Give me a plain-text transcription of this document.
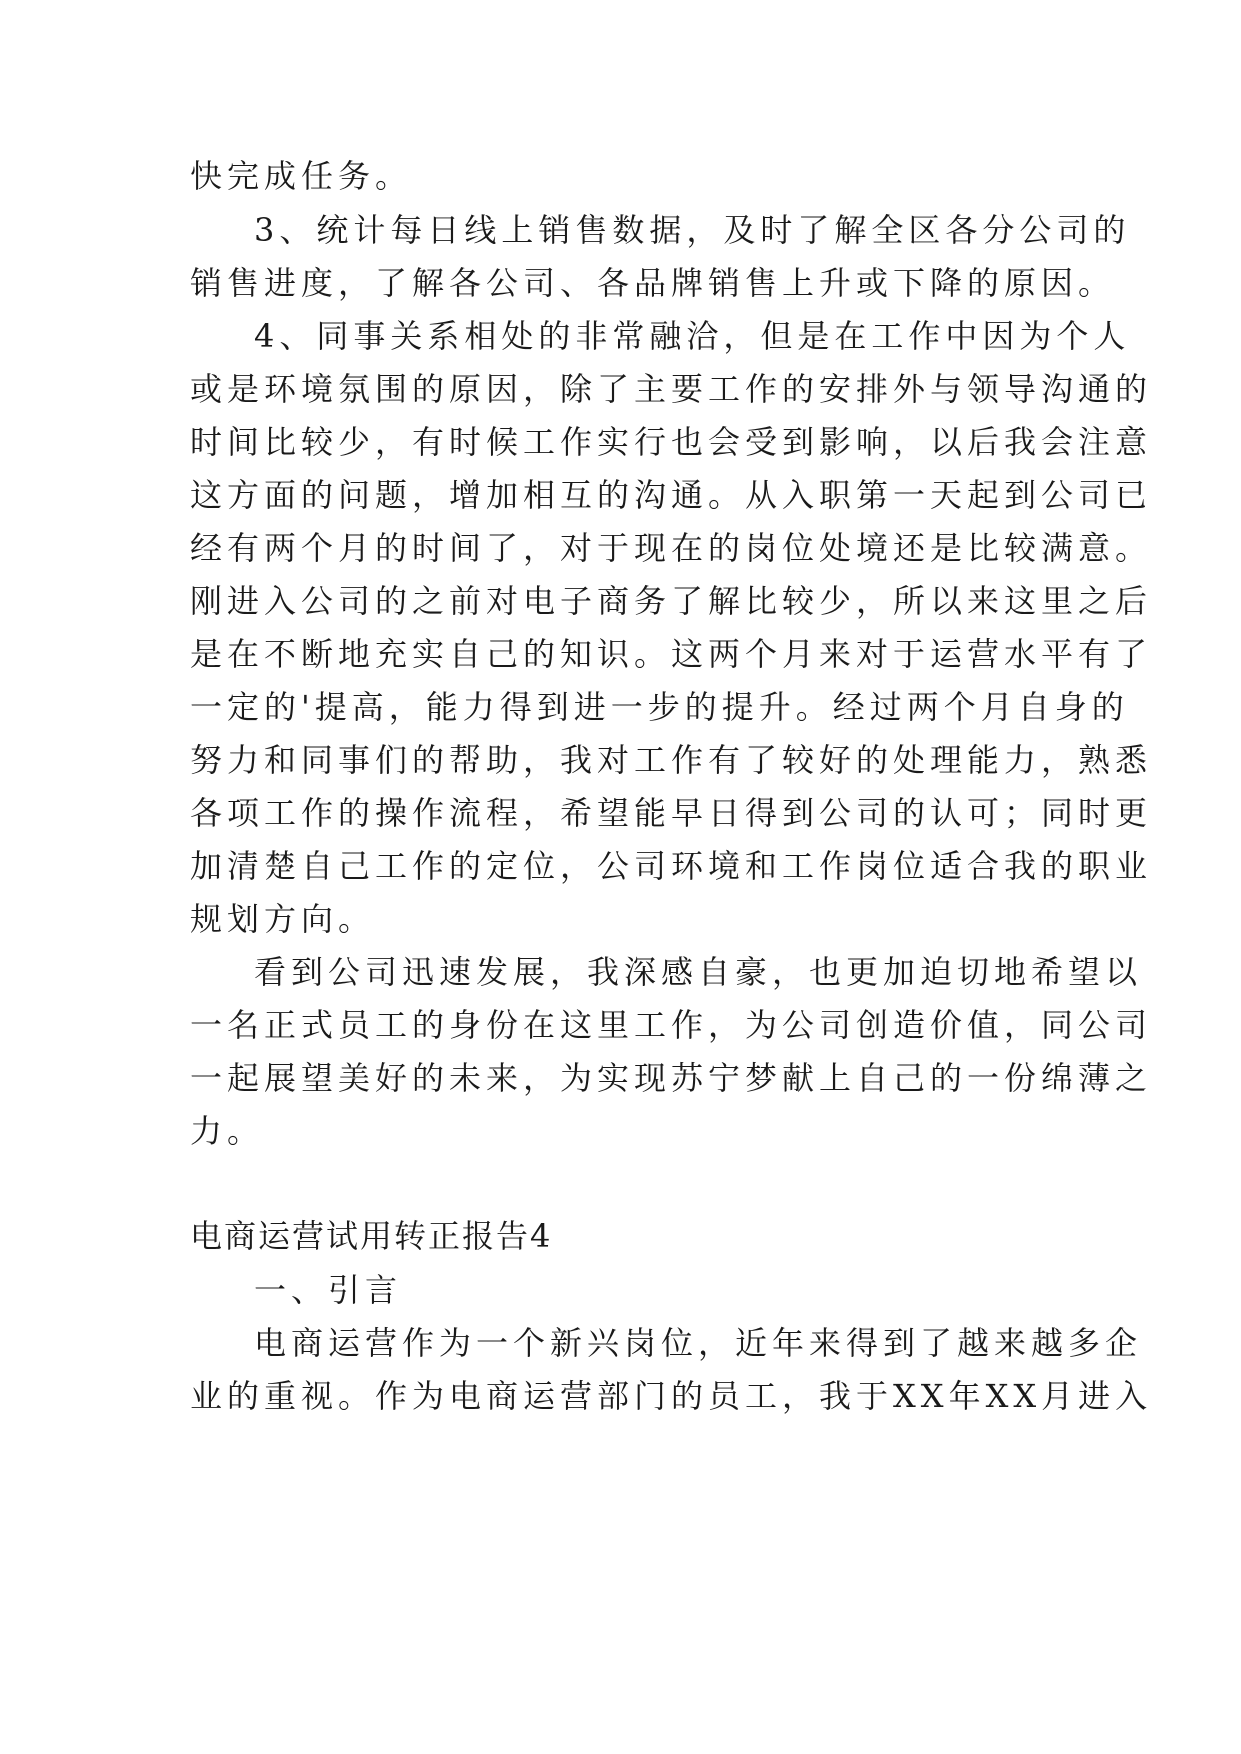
快完成任务。
3、统计每日线上销售数据，及时了解全区各分公司的
销售进度，了解各公司、各品牌销售上升或下降的原因。
4、同事关系相处的非常融洽，但是在工作中因为个人
或是环境氛围的原因，除了主要工作的安排外与领导沟通的
时间比较少，有时候工作实行也会受到影响，以后我会注意
这方面的问题，增加相互的沟通。从入职第一天起到公司已
经有两个月的时间了，对于现在的岗位处境还是比较满意。
刚进入公司的之前对电子商务了解比较少，所以来这里之后
是在不断地充实自己的知识。这两个月来对于运营水平有了
一定的'提高，能力得到进一步的提升。经过两个月自身的
努力和同事们的帮助，我对工作有了较好的处理能力，熟悉
各项工作的操作流程，希望能早日得到公司的认可；同时更
加清楚自己工作的定位，公司环境和工作岗位适合我的职业
规划方向。
看到公司迅速发展，我深感自豪，也更加迫切地希望以
一名正式员工的身份在这里工作，为公司创造价值，同公司
一起展望美好的未来，为实现苏宁梦献上自己的一份绵薄之
力。
电商运营试用转正报告4
一、引言
电商运营作为一个新兴岗位，近年来得到了越来越多企
业的重视。作为电商运营部门的员工，我于XX年XX月进入
